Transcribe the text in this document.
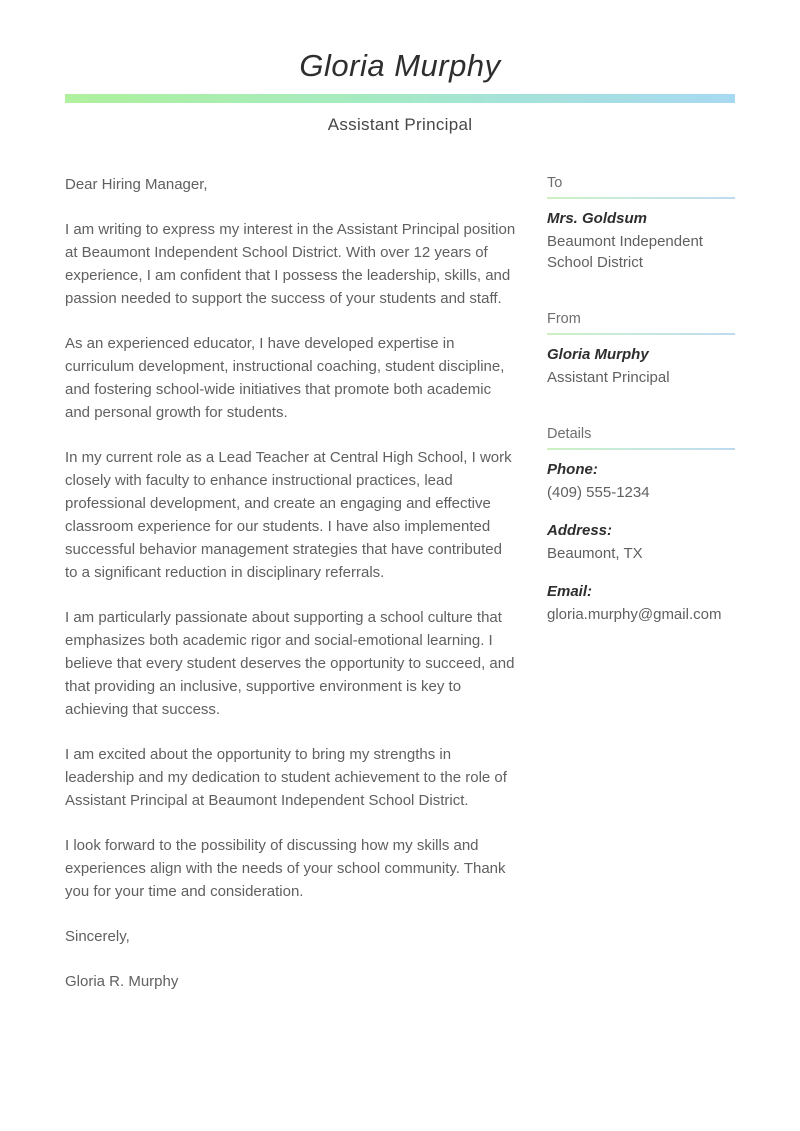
Gloria Murphy
Assistant Principal

Dear Hiring Manager,

I am writing to express my interest in the Assistant Principal position at Beaumont Independent School District. With over 12 years of experience, I am confident that I possess the leadership, skills, and passion needed to support the success of your students and staff.

As an experienced educator, I have developed expertise in curriculum development, instructional coaching, student discipline, and fostering school-wide initiatives that promote both academic and personal growth for students.

In my current role as a Lead Teacher at Central High School, I work closely with faculty to enhance instructional practices, lead professional development, and create an engaging and effective classroom experience for our students. I have also implemented successful behavior management strategies that have contributed to a significant reduction in disciplinary referrals.

I am particularly passionate about supporting a school culture that emphasizes both academic rigor and social-emotional learning. I believe that every student deserves the opportunity to succeed, and that providing an inclusive, supportive environment is key to achieving that success.

I am excited about the opportunity to bring my strengths in leadership and my dedication to student achievement to the role of Assistant Principal at Beaumont Independent School District.

I look forward to the possibility of discussing how my skills and experiences align with the needs of your school community. Thank you for your time and consideration.

Sincerely,

Gloria R. Murphy

To
Mrs. Goldsum
Beaumont Independent School District
From
Gloria Murphy
Assistant Principal
Details
Phone:
(409) 555-1234
Address:
Beaumont, TX
Email:
gloria.murphy@gmail.com
